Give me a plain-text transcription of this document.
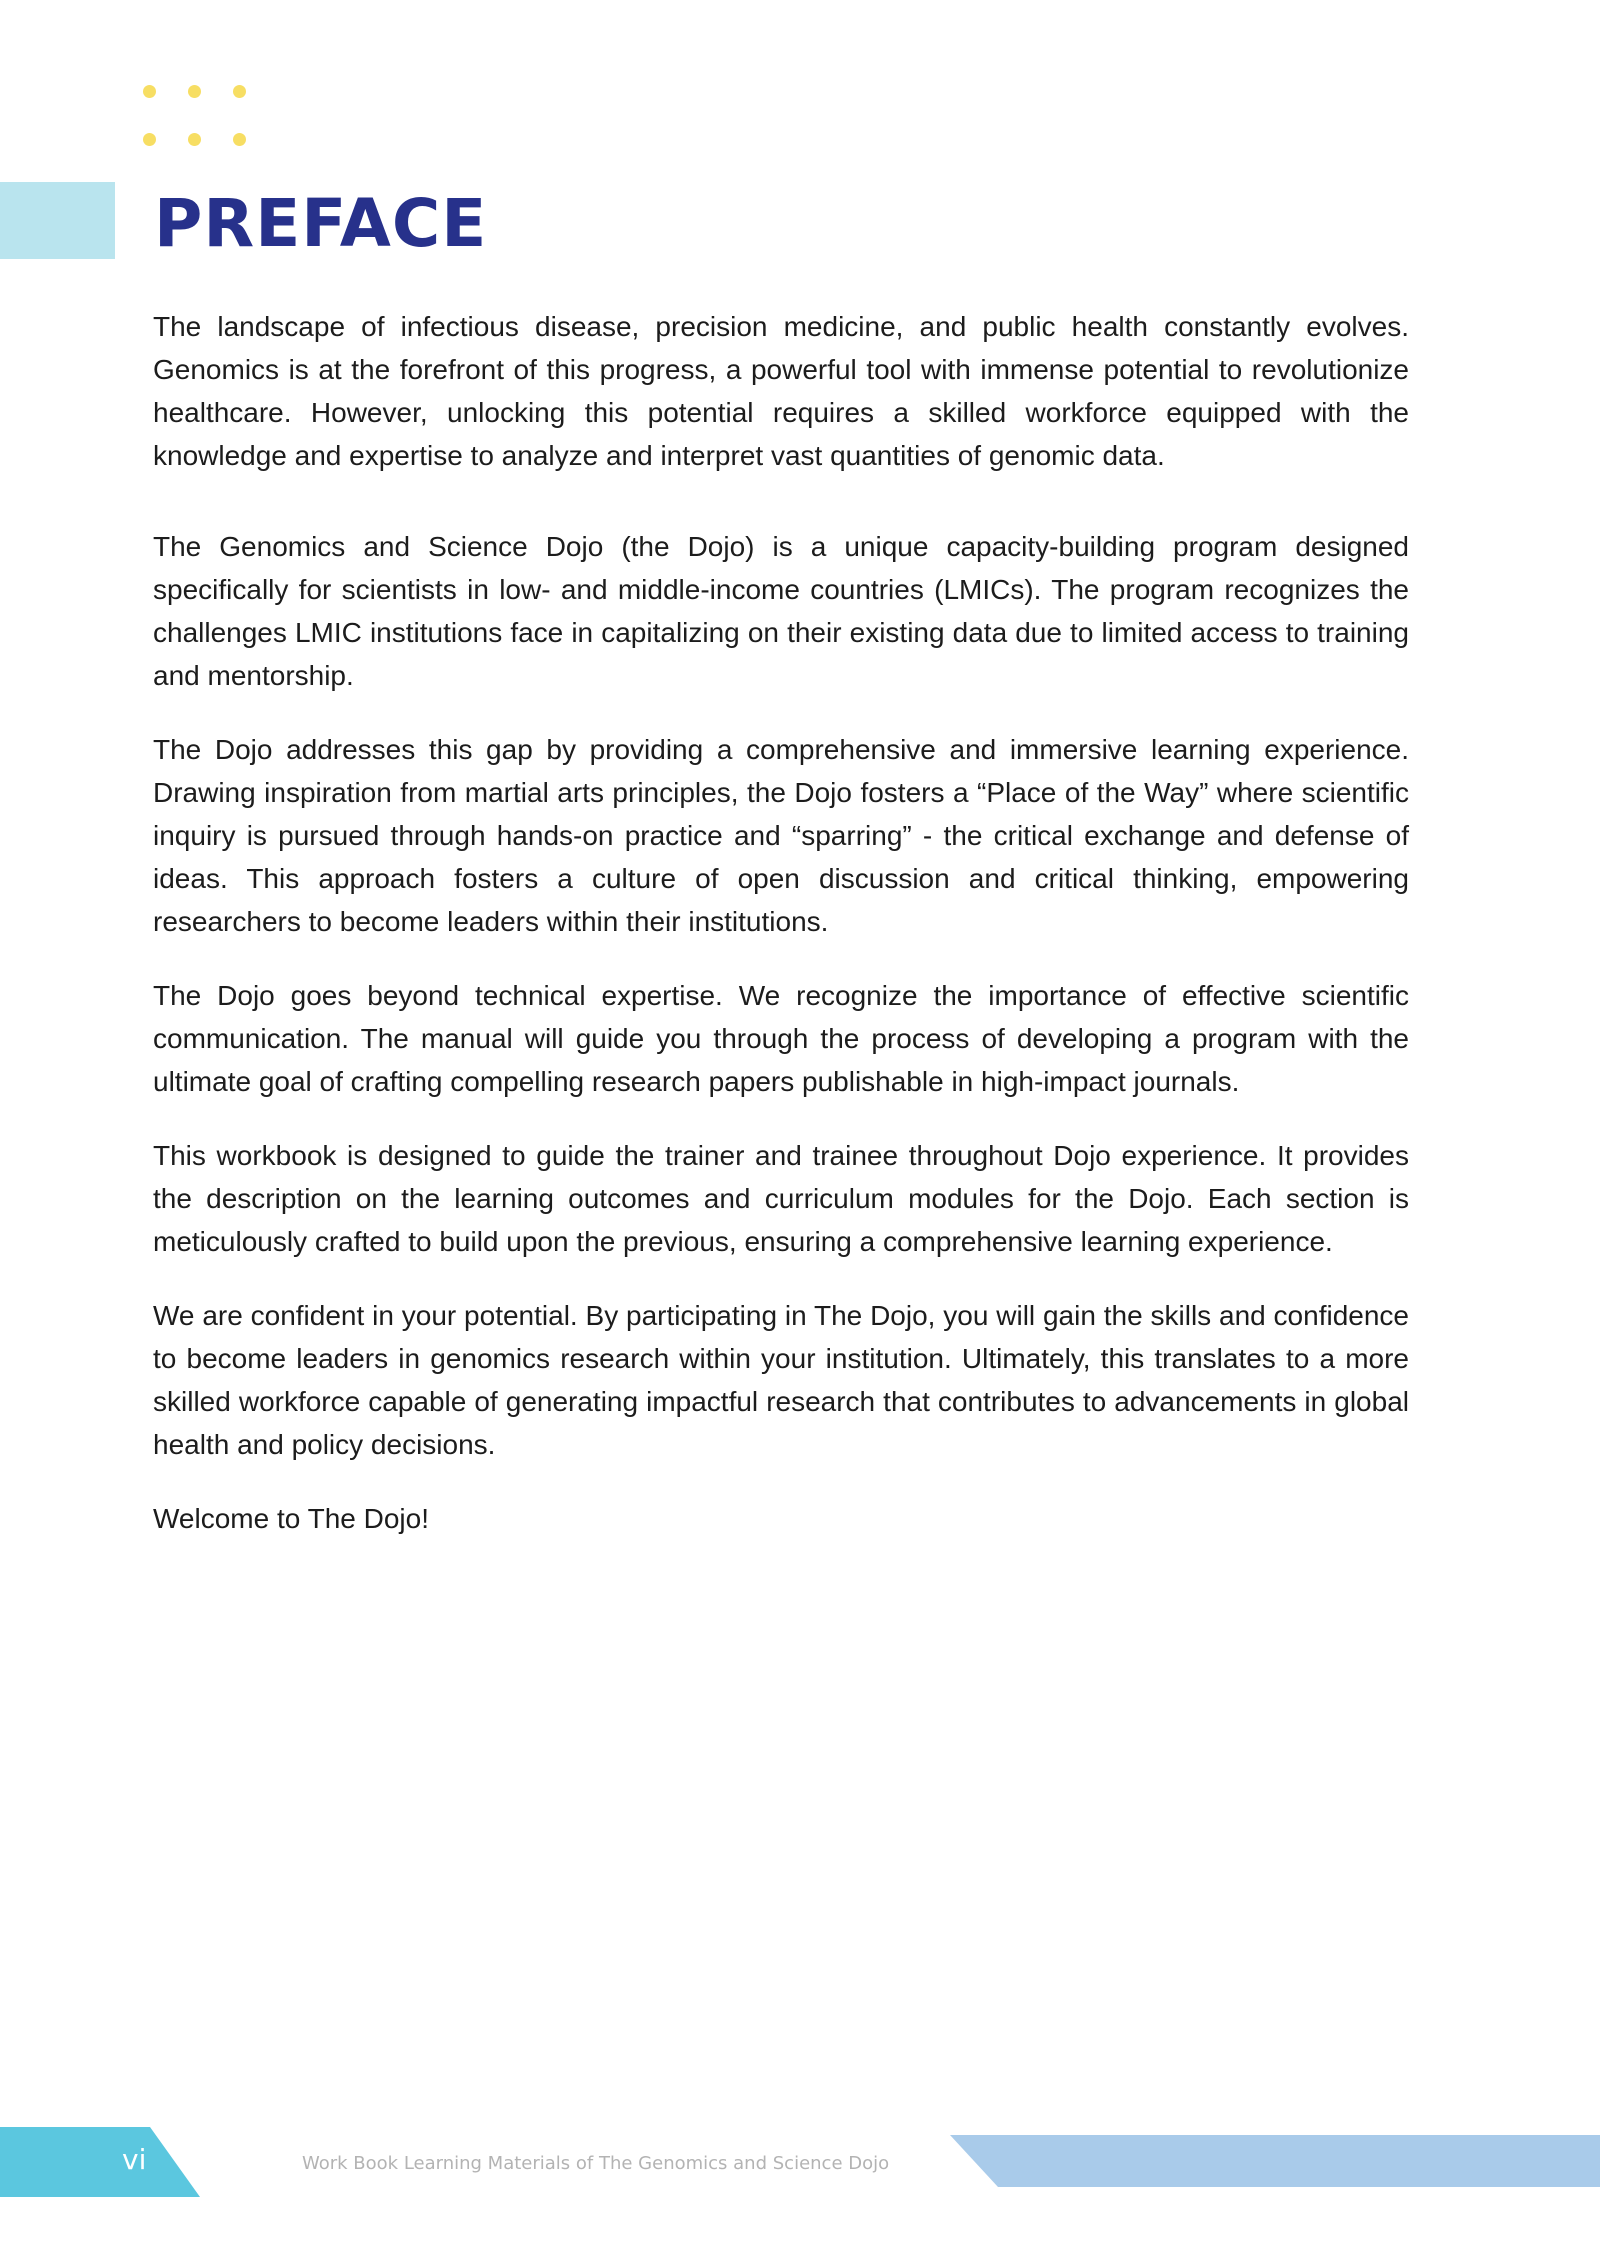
PREFACE

The landscape of infectious disease, precision medicine, and public health constantly evolves. Genomics is at the forefront of this progress, a powerful tool with immense potential to revolutionize healthcare. However, unlocking this potential requires a skilled workforce equipped with the knowledge and expertise to analyze and interpret vast quantities of genomic data.

The Genomics and Science Dojo (the Dojo) is a unique capacity-building program designed specifically for scientists in low- and middle-income countries (LMICs). The program recognizes the challenges LMIC institutions face in capitalizing on their existing data due to limited access to training and mentorship.

The Dojo addresses this gap by providing a comprehensive and immersive learning experience. Drawing inspiration from martial arts principles, the Dojo fosters a “Place of the Way” where scientific inquiry is pursued through hands-on practice and “sparring” - the critical exchange and defense of ideas. This approach fosters a culture of open discussion and critical thinking, empowering researchers to become leaders within their institutions.

The Dojo goes beyond technical expertise. We recognize the importance of effective scientific communication. The manual will guide you through the process of developing a program with the ultimate goal of crafting compelling research papers publishable in high-impact journals.

This workbook is designed to guide the trainer and trainee throughout Dojo experience. It provides the description on the learning outcomes and curriculum modules for the Dojo. Each section is meticulously crafted to build upon the previous, ensuring a comprehensive learning experience.

We are confident in your potential. By participating in The Dojo, you will gain the skills and confidence to become leaders in genomics research within your institution. Ultimately, this translates to a more skilled workforce capable of generating impactful research that contributes to advancements in global health and policy decisions.

Welcome to The Dojo!

vi	Work Book Learning Materials of The Genomics and Science Dojo
